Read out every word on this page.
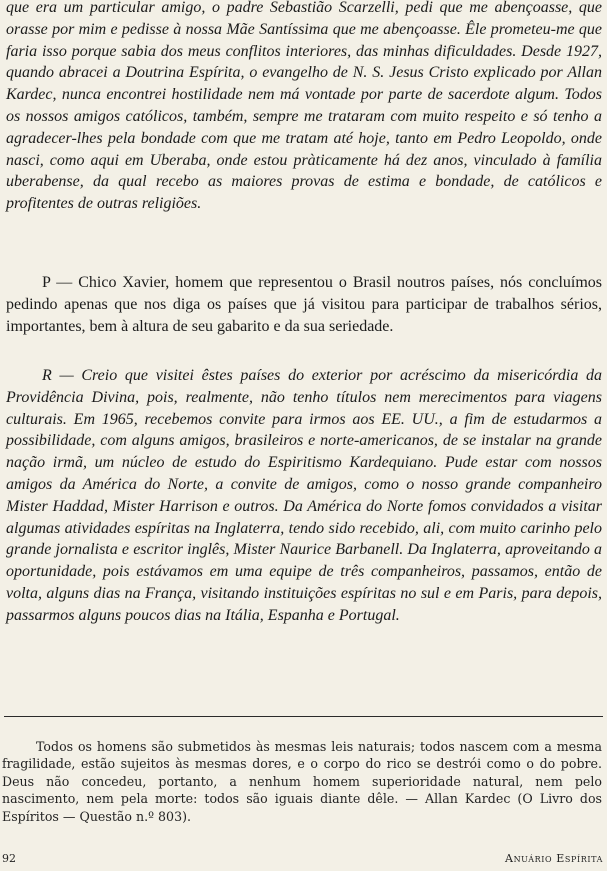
que era um particular amigo, o padre Sebastião Scarzelli, pedi que me abençoasse, que orasse por mim e pedisse à nossa Mãe Santíssima que me abençoasse. Êle prometeu-me que faria isso porque sabia dos meus conflitos interiores, das minhas dificuldades. Desde 1927, quando abracei a Doutrina Espírita, o evangelho de N. S. Jesus Cristo explicado por Allan Kardec, nunca encontrei hostilidade nem má vontade por parte de sacerdote algum. Todos os nossos amigos católicos, também, sempre me trataram com muito respeito e só tenho a agradecer-lhes pela bondade com que me tratam até hoje, tanto em Pedro Leopoldo, onde nasci, como aqui em Uberaba, onde estou pràticamente há dez anos, vinculado à família uberabense, da qual recebo as maiores provas de estima e bondade, de católicos e profitentes de outras religiões.

P — Chico Xavier, homem que representou o Brasil noutros países, nós concluímos pedindo apenas que nos diga os países que já visitou para participar de trabalhos sérios, importantes, bem à altura de seu gabarito e da sua seriedade.

R — Creio que visitei êstes países do exterior por acréscimo da misericórdia da Providência Divina, pois, realmente, não tenho títulos nem merecimentos para viagens culturais. Em 1965, recebemos convite para irmos aos EE. UU., a fim de estudarmos a possibilidade, com alguns amigos, brasileiros e norte-americanos, de se instalar na grande nação irmã, um núcleo de estudo do Espiritismo Kardequiano. Pude estar com nossos amigos da América do Norte, a convite de amigos, como o nosso grande companheiro Mister Haddad, Mister Harrison e outros. Da América do Norte fomos convidados a visitar algumas atividades espíritas na Inglaterra, tendo sido recebido, ali, com muito carinho pelo grande jornalista e escritor inglês, Mister Naurice Barbanell. Da Inglaterra, aproveitando a oportunidade, pois estávamos em uma equipe de três companheiros, passamos, então de volta, alguns dias na França, visitando instituições espíritas no sul e em Paris, para depois, passarmos alguns poucos dias na Itália, Espanha e Portugal.

Todos os homens são submetidos às mesmas leis naturais; todos nascem com a mesma fragilidade, estão sujeitos às mesmas dores, e o corpo do rico se destrói como o do pobre. Deus não concedeu, portanto, a nenhum homem superioridade natural, nem pelo nascimento, nem pela morte: todos são iguais diante dêle. — Allan Kardec (O Livro dos Espíritos — Questão n.º 803).

92	Anuário Espírita
